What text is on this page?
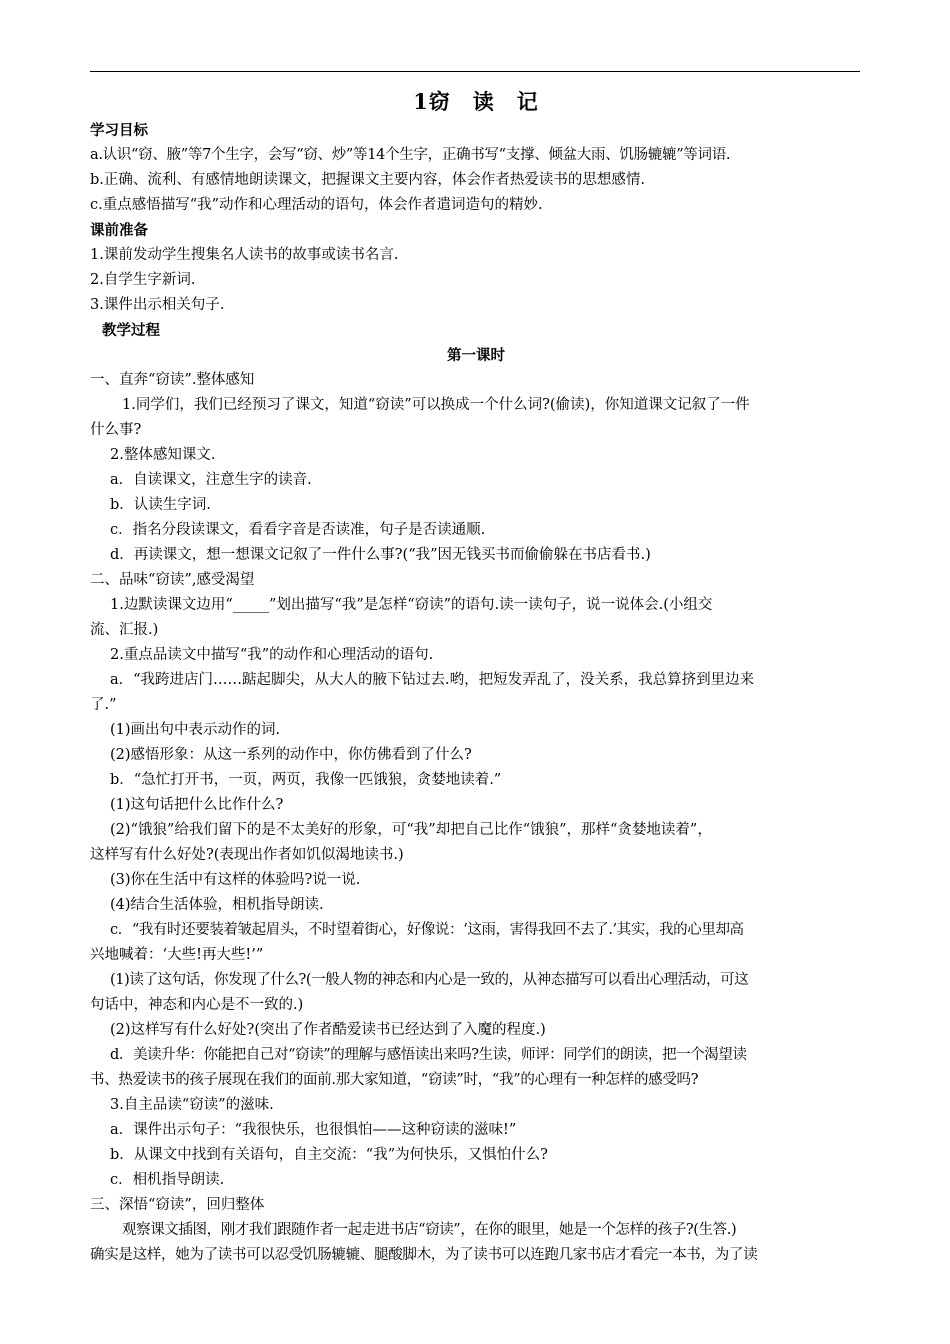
1窃　读　记
学习目标
a.认识“窃、腋”等7个生字，会写“窃、炒”等14个生字，正确书写“支撑、倾盆大雨、饥肠辘辘”等词语.
b.正确、流利、有感情地朗读课文，把握课文主要内容，体会作者热爱读书的思想感情.
c.重点感悟描写“我”动作和心理活动的语句，体会作者遣词造句的精妙.
课前准备
1.课前发动学生搜集名人读书的故事或读书名言.
2.自学生字新词.
3.课件出示相关句子.
教学过程
第一课时
一、直奔“窃读”.整体感知
1.同学们，我们已经预习了课文，知道“窃读”可以换成一个什么词?(偷读)，你知道课文记叙了一件
什么事?
2.整体感知课文.
a．自读课文，注意生字的读音.
b．认读生字词.
c．指名分段读课文，看看字音是否读准，句子是否读通顺.
d．再读课文，想一想课文记叙了一件什么事?(“我”因无钱买书而偷偷躲在书店看书.)
二、品味“窃读”,感受渴望
1.边默读课文边用“_____”划出描写“我”是怎样“窃读”的语句.读一读句子，说一说体会.(小组交
流、汇报.)
2.重点品读文中描写“我”的动作和心理活动的语句.
a．“我跨进店门……踮起脚尖，从大人的腋下钻过去.哟，把短发弄乱了，没关系，我总算挤到里边来
了.”
(1)画出句中表示动作的词.
(2)感悟形象：从这一系列的动作中，你仿佛看到了什么?
b．“急忙打开书，一页，两页，我像一匹饿狼，贪婪地读着.”
(1)这句话把什么比作什么?
(2)“饿狼”给我们留下的是不太美好的形象，可“我”却把自己比作“饿狼”，那样“贪婪地读着”，
这样写有什么好处?(表现出作者如饥似渴地读书.)
(3)你在生活中有这样的体验吗?说一说.
(4)结合生活体验，相机指导朗读.
c．“我有时还要装着皱起眉头，不时望着街心，好像说：‘这雨，害得我回不去了.’其实，我的心里却高
兴地喊着：‘大些!再大些!’”
(1)读了这句话，你发现了什么?(一般人物的神态和内心是一致的，从神态描写可以看出心理活动，可这
句话中，神态和内心是不一致的.)
(2)这样写有什么好处?(突出了作者酷爱读书已经达到了入魔的程度.)
d．美读升华：你能把自己对“窃读”的理解与感悟读出来吗?生读，师评：同学们的朗读，把一个渴望读
书、热爱读书的孩子展现在我们的面前.那大家知道，“窃读”时，“我”的心理有一种怎样的感受吗?
3.自主品读“窃读”的滋味.
a．课件出示句子：“我很快乐，也很惧怕——这种窃读的滋味!”
b．从课文中找到有关语句，自主交流：“我”为何快乐，又惧怕什么?
c．相机指导朗读.
三、深悟“窃读”，回归整体
观察课文插图，刚才我们跟随作者一起走进书店“窃读”，在你的眼里，她是一个怎样的孩子?(生答.)
确实是这样，她为了读书可以忍受饥肠辘辘、腿酸脚木，为了读书可以连跑几家书店才看完一本书，为了读
